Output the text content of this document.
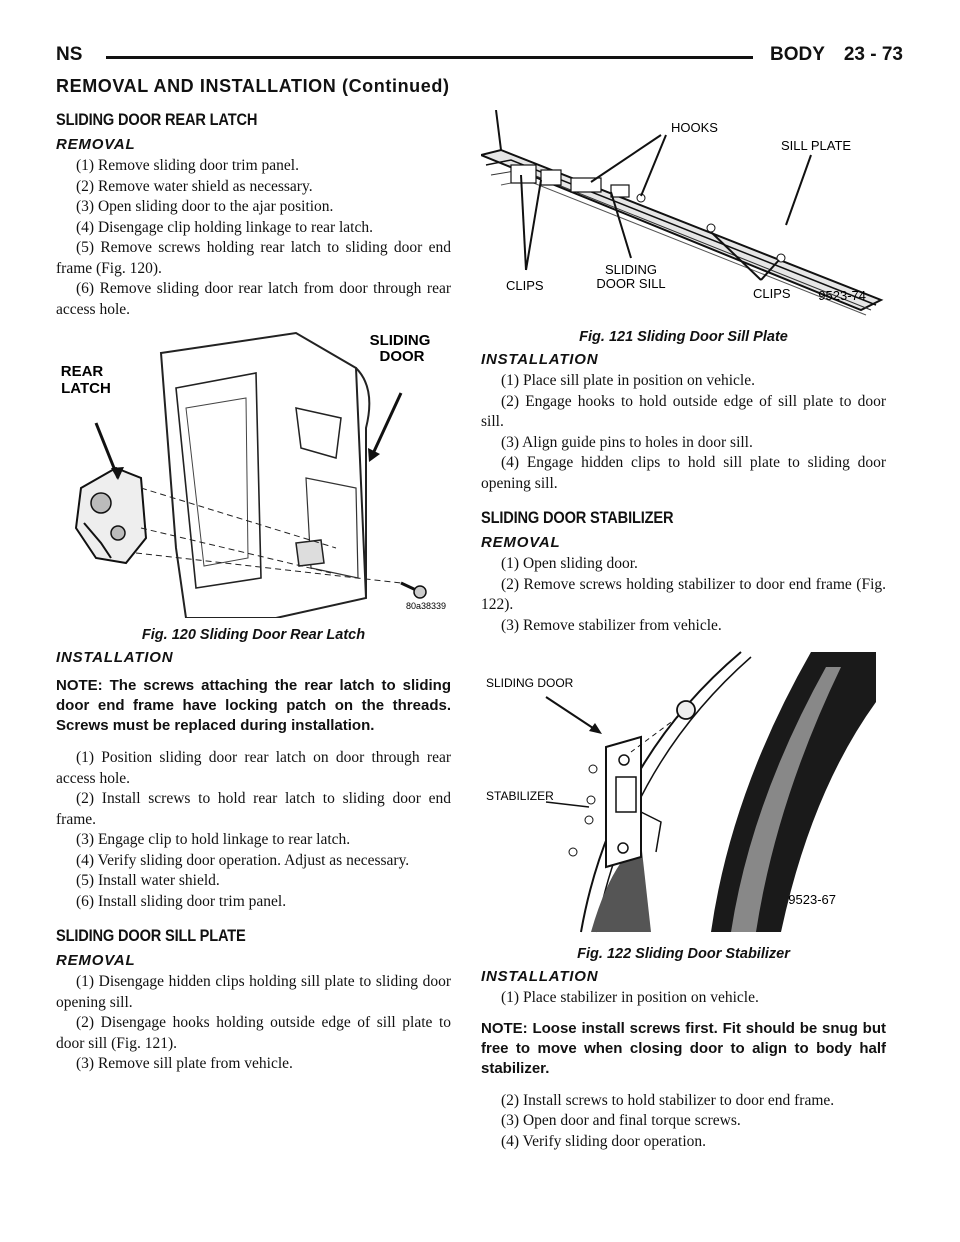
NS	BODY 23 - 73
REMOVAL AND INSTALLATION (Continued)
SLIDING DOOR REAR LATCH
REMOVAL

(1) Remove sliding door trim panel.

(2) Remove water shield as necessary.

(3) Open sliding door to the ajar position.

(4) Disengage clip holding linkage to rear latch.

(5) Remove screws holding rear latch to sliding door end frame (Fig. 120).

(6) Remove sliding door rear latch from door through rear access hole.

REAR
LATCH
SLIDING
DOOR
80a38339
Fig. 120 Sliding Door Rear Latch
INSTALLATION

NOTE: The screws attaching the rear latch to sliding door end frame have locking patch on the threads. Screws must be replaced during installation.

(1) Position sliding door rear latch on door through rear access hole.

(2) Install screws to hold rear latch to sliding door end frame.

(3) Engage clip to hold linkage to rear latch.

(4) Verify sliding door operation. Adjust as necessary.

(5) Install water shield.

(6) Install sliding door trim panel.

SLIDING DOOR SILL PLATE
REMOVAL

(1) Disengage hidden clips holding sill plate to sliding door opening sill.

(2) Disengage hooks holding outside edge of sill plate to door sill (Fig. 121).

(3) Remove sill plate from vehicle.

HOOKS
SILL PLATE
CLIPS
SLIDING
DOOR SILL
CLIPS 9523-74
Fig. 121 Sliding Door Sill Plate
INSTALLATION

(1) Place sill plate in position on vehicle.

(2) Engage hooks to hold outside edge of sill plate to door sill.

(3) Align guide pins to holes in door sill.

(4) Engage hidden clips to hold sill plate to sliding door opening sill.

SLIDING DOOR STABILIZER
REMOVAL

(1) Open sliding door.

(2) Remove screws holding stabilizer to door end frame (Fig. 122).

(3) Remove stabilizer from vehicle.

SLIDING DOOR
STABILIZER
9523-67
Fig. 122 Sliding Door Stabilizer
INSTALLATION

(1) Place stabilizer in position on vehicle.

NOTE: Loose install screws first. Fit should be snug but free to move when closing door to align to body half stabilizer.

(2) Install screws to hold stabilizer to door end frame.

(3) Open door and final torque screws.

(4) Verify sliding door operation.
